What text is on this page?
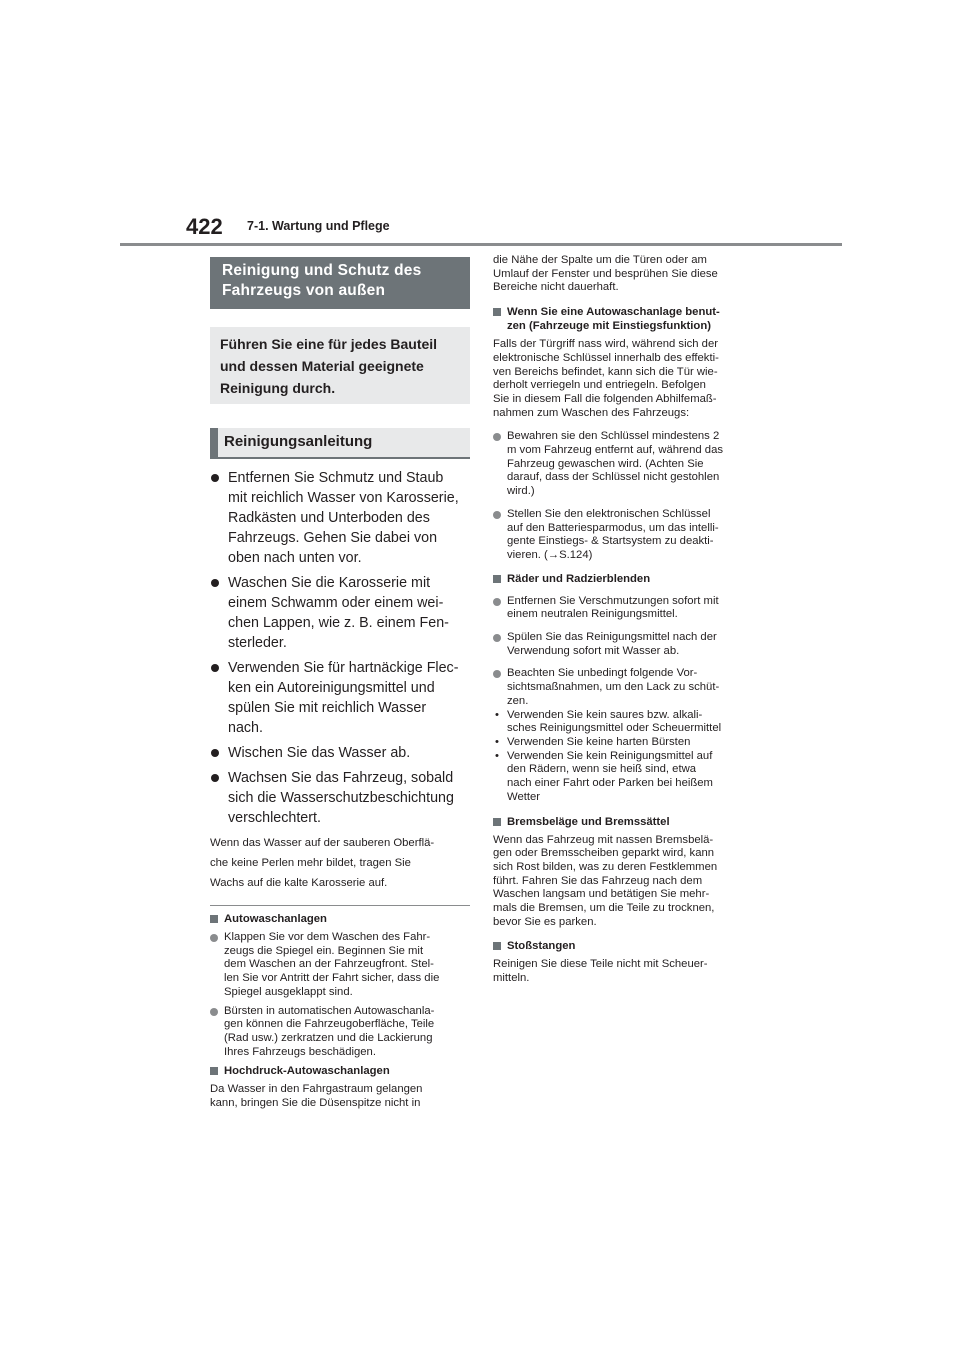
422 7-1. Wartung und Pflege
Reinigung und Schutz des
Fahrzeugs von außen
Führen Sie eine für jedes Bauteil
und dessen Material geeignete
Reinigung durch.
Reinigungsanleitung
Entfernen Sie Schmutz und Staub
mit reichlich Wasser von Karosserie,
Radkästen und Unterboden des
Fahrzeugs. Gehen Sie dabei von
oben nach unten vor.
Waschen Sie die Karosserie mit
einem Schwamm oder einem wei-
chen Lappen, wie z. B. einem Fen-
sterleder.
Verwenden Sie für hartnäckige Flec-
ken ein Autoreinigungsmittel und
spülen Sie mit reichlich Wasser
nach.
Wischen Sie das Wasser ab.
Wachsen Sie das Fahrzeug, sobald
sich die Wasserschutzbeschichtung
verschlechtert.
Wenn das Wasser auf der sauberen Oberflä-
che keine Perlen mehr bildet, tragen Sie
Wachs auf die kalte Karosserie auf.
Autowaschanlagen
Klappen Sie vor dem Waschen des Fahr-
zeugs die Spiegel ein. Beginnen Sie mit
dem Waschen an der Fahrzeugfront. Stel-
len Sie vor Antritt der Fahrt sicher, dass die
Spiegel ausgeklappt sind.
Bürsten in automatischen Autowaschanla-
gen können die Fahrzeugoberfläche, Teile
(Rad usw.) zerkratzen und die Lackierung
Ihres Fahrzeugs beschädigen.
Hochdruck-Autowaschanlagen
Da Wasser in den Fahrgastraum gelangen
kann, bringen Sie die Düsenspitze nicht in
die Nähe der Spalte um die Türen oder am
Umlauf der Fenster und besprühen Sie diese
Bereiche nicht dauerhaft.
Wenn Sie eine Autowaschanlage benut-
zen (Fahrzeuge mit Einstiegsfunktion)
Falls der Türgriff nass wird, während sich der
elektronische Schlüssel innerhalb des effekti-
ven Bereichs befindet, kann sich die Tür wie-
derholt verriegeln und entriegeln. Befolgen
Sie in diesem Fall die folgenden Abhilfemaß-
nahmen zum Waschen des Fahrzeugs:
Bewahren sie den Schlüssel mindestens 2
m vom Fahrzeug entfernt auf, während das
Fahrzeug gewaschen wird. (Achten Sie
darauf, dass der Schlüssel nicht gestohlen
wird.)
Stellen Sie den elektronischen Schlüssel
auf den Batteriesparmodus, um das intelli-
gente Einstiegs- & Startsystem zu deakti-
vieren. (→S.124)
Räder und Radzierblenden
Entfernen Sie Verschmutzungen sofort mit
einem neutralen Reinigungsmittel.
Spülen Sie das Reinigungsmittel nach der
Verwendung sofort mit Wasser ab.
Beachten Sie unbedingt folgende Vor-
sichtsmaßnahmen, um den Lack zu schüt-
zen.
• Verwenden Sie kein saures bzw. alkali-
sches Reinigungsmittel oder Scheuermittel
• Verwenden Sie keine harten Bürsten
• Verwenden Sie kein Reinigungsmittel auf
den Rädern, wenn sie heiß sind, etwa
nach einer Fahrt oder Parken bei heißem
Wetter
Bremsbeläge und Bremssättel
Wenn das Fahrzeug mit nassen Bremsbelä-
gen oder Bremsscheiben geparkt wird, kann
sich Rost bilden, was zu deren Festklemmen
führt. Fahren Sie das Fahrzeug nach dem
Waschen langsam und betätigen Sie mehr-
mals die Bremsen, um die Teile zu trocknen,
bevor Sie es parken.
Stoßstangen
Reinigen Sie diese Teile nicht mit Scheuer-
mitteln.
